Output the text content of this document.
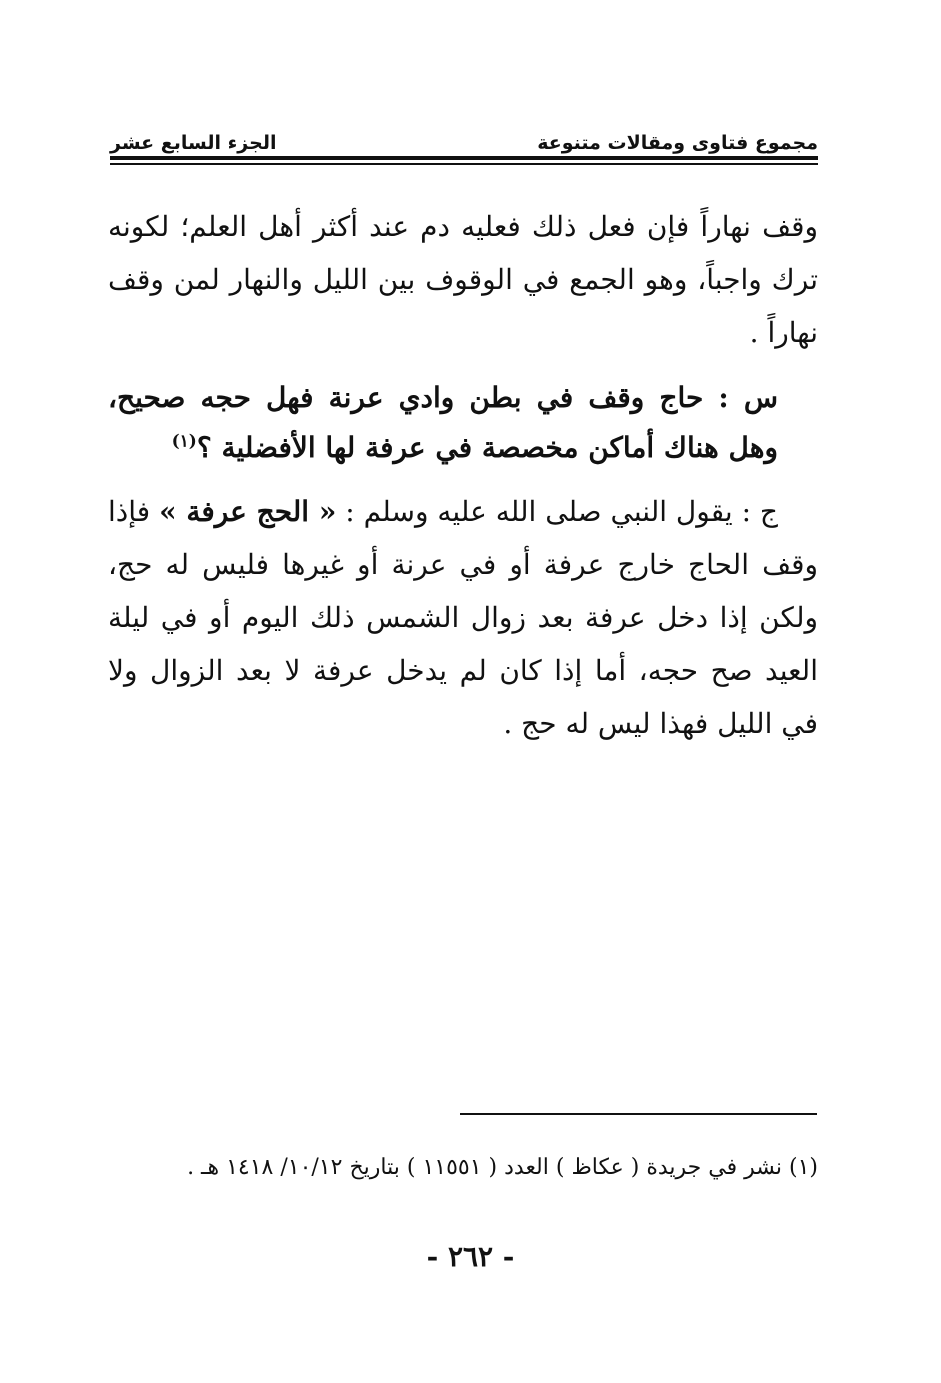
مجموع فتاوى ومقالات متنوعة
الجزء السابع عشر

وقف نهاراً فإن فعل ذلك فعليه دم عند أكثر أهل العلم؛ لكونه ترك واجباً، وهو الجمع في الوقوف بين الليل والنهار لمن وقف نهاراً .

س : حاج وقف في بطن وادي عرنة فهل حجه صحيح، وهل هناك أماكن مخصصة في عرفة لها الأفضلية ؟$^{(١)}$

ج : يقول النبي صلى الله عليه وسلم : « الحج عرفة » فإذا وقف الحاج خارج عرفة أو في عرنة أو غيرها فليس له حج، ولكن إذا دخل عرفة بعد زوال الشمس ذلك اليوم أو في ليلة العيد صح حجه، أما إذا كان لم يدخل عرفة لا بعد الزوال ولا في الليل فهذا ليس له حج .

(١) نشر في جريدة ( عكاظ ) العدد ( ١١٥٥١ ) بتاريخ ١٠/١٢/ ١٤١٨ هـ .
- ٢٦٢ -
